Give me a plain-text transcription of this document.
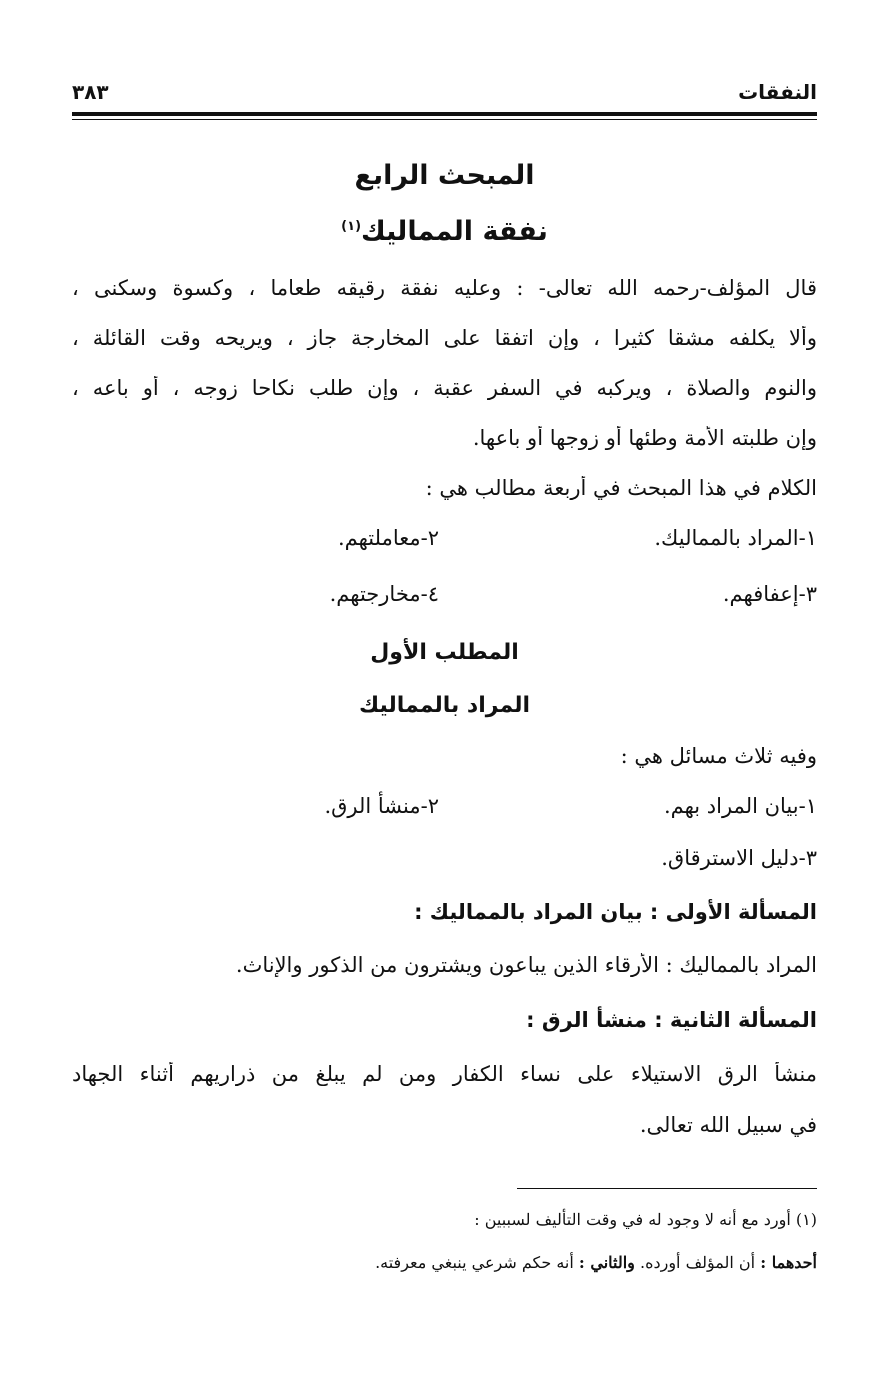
النفقات
٣٨٣
المبحث الرابع
نفقة المماليك$^{(١)}$
قال المؤلف-رحمه الله تعالى- : وعليه نفقة رقيقه طعاما ، وكسوة وسكنى ،
وألا يكلفه مشقا كثيرا ، وإن اتفقا على المخارجة جاز ، ويريحه وقت القائلة ،
والنوم والصلاة ، ويركبه في السفر عقبة ، وإن طلب نكاحا زوجه ، أو باعه ،
وإن طلبته الأمة وطئها أو زوجها أو باعها.
الكلام في هذا المبحث في أربعة مطالب هي :
١-المراد بالمماليك.
٢-معاملتهم.
٣-إعفافهم.
٤-مخارجتهم.
المطلب الأول
المراد بالمماليك
وفيه ثلاث مسائل هي :
١-بيان المراد بهم.
٢-منشأ الرق.
٣-دليل الاسترقاق.
المسألة الأولى : بيان المراد بالمماليك :
المراد بالمماليك : الأرقاء الذين يباعون ويشترون من الذكور والإناث.
المسألة الثانية : منشأ الرق :
منشأ الرق الاستيلاء على نساء الكفار ومن لم يبلغ من ذراريهم أثناء الجهاد
في سبيل الله تعالى.
(١) أورد مع أنه لا وجود له في وقت التأليف لسببين :
أحدهما : أن المؤلف أورده. والثاني : أنه حكم شرعي ينبغي معرفته.
